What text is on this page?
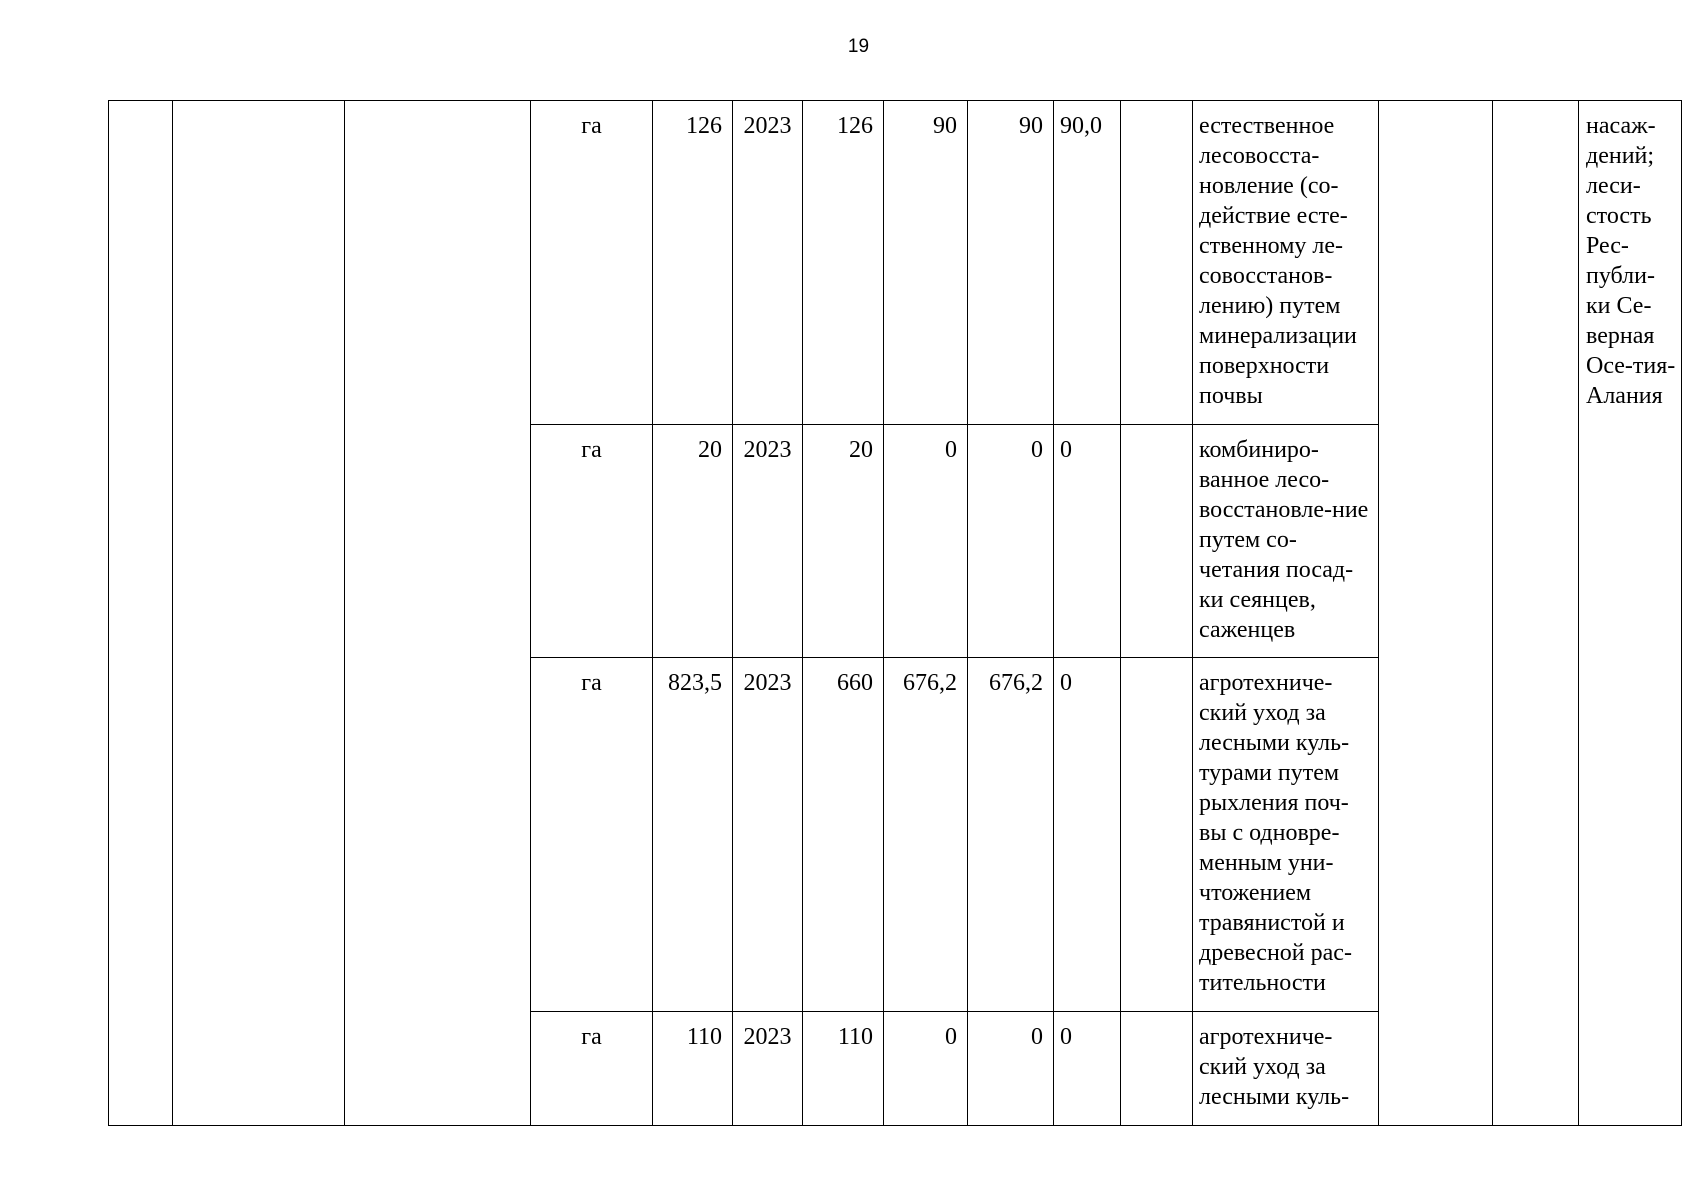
19
			га	126	2023	126	90	90	90,0		естественное лесовосста-новление (со-действие есте-ственному ле-совосстанов-лению) путем минерализации поверхности почвы			насаж-дений; леси-стость Рес-публи-ки Се-верная Осе-тия-Алания
			га	20	2023	20	0	0	0		комбиниро-ванное лесо-восстановле-ние путем со-четания посад-ки сеянцев, саженцев			
			га	823,5	2023	660	676,2	676,2	0		агротехниче-ский уход за лесными куль-турами путем рыхления поч-вы с одновре-менным уни-чтожением травянистой и древесной рас-тительности			
			га	110	2023	110	0	0	0		агротехниче-ский уход за лесными куль-			
